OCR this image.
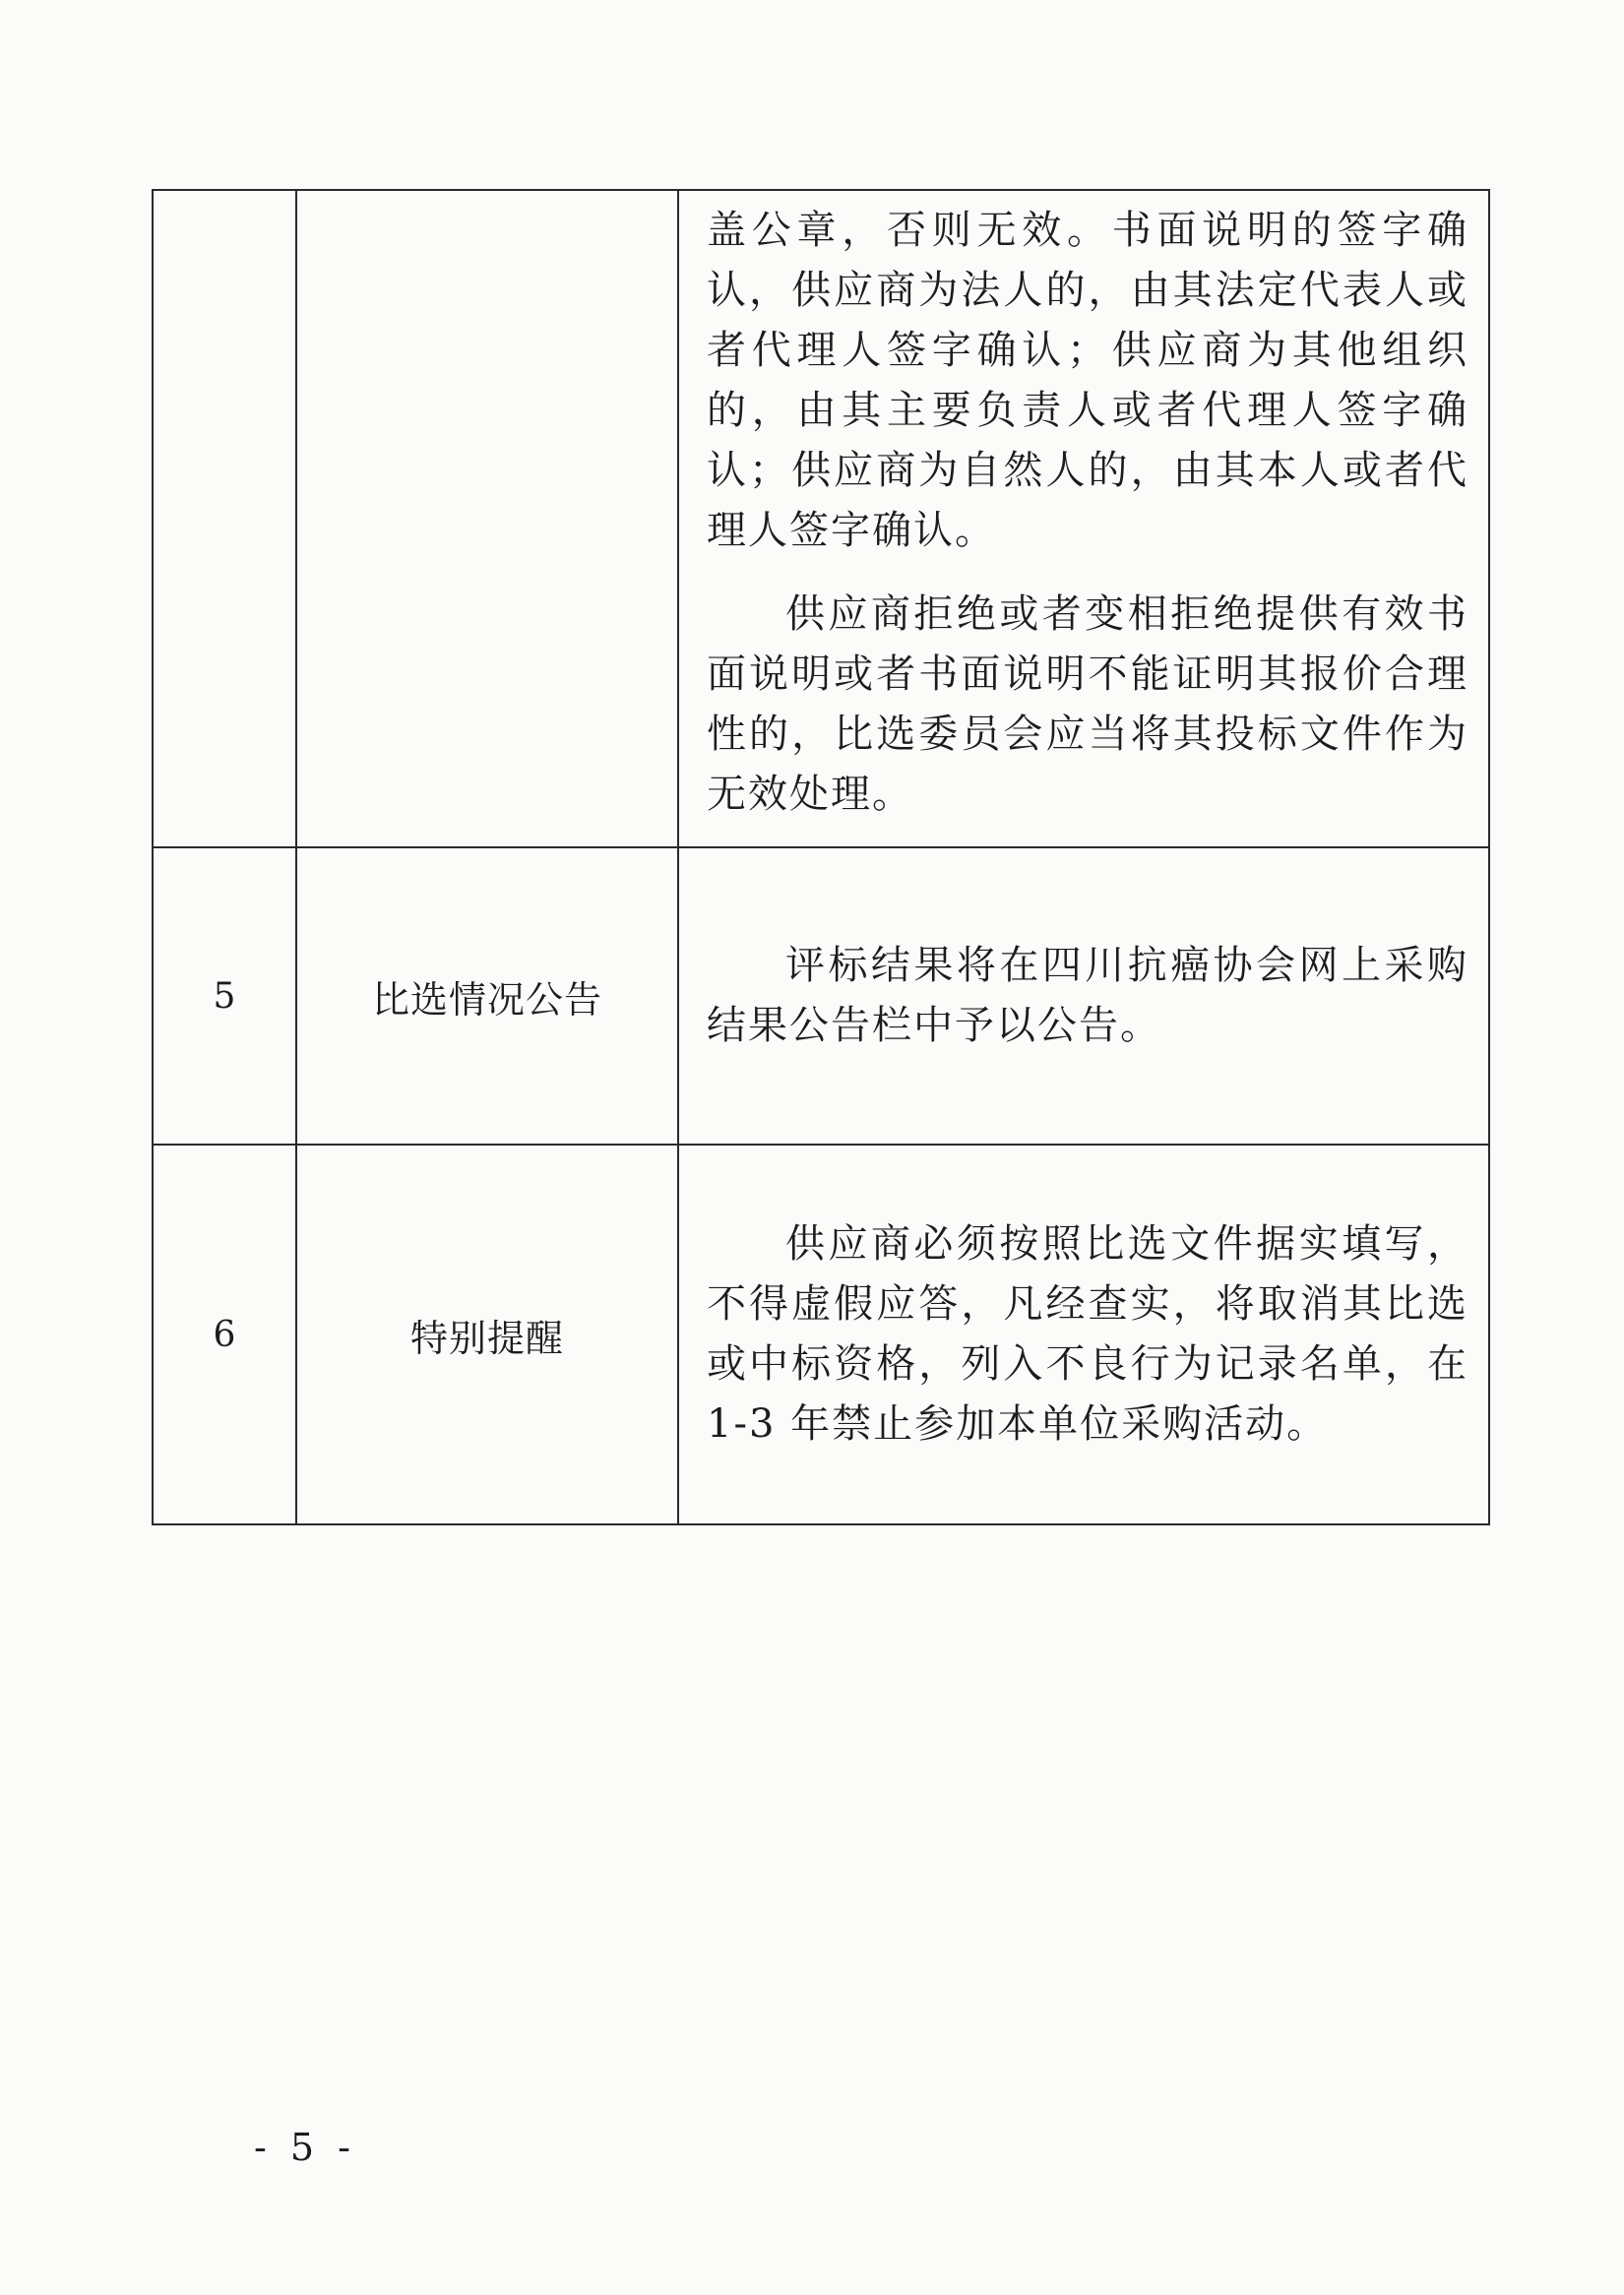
		盖公章，否则无效。书面说明的签字确认，供应商为法人的，由其法定代表人或者代理人签字确认；供应商为其他组织的，由其主要负责人或者代理人签字确认；供应商为自然人的，由其本人或者代理人签字确认。

供应商拒绝或者变相拒绝提供有效书面说明或者书面说明不能证明其报价合理性的，比选委员会应当将其投标文件作为无效处理。

5	比选情况公告	评标结果将在四川抗癌协会网上采购结果公告栏中予以公告。

6	特别提醒	供应商必须按照比选文件据实填写，不得虚假应答，凡经查实，将取消其比选或中标资格，列入不良行为记录名单，在 1-3 年禁止参加本单位采购活动。

- 5 -
